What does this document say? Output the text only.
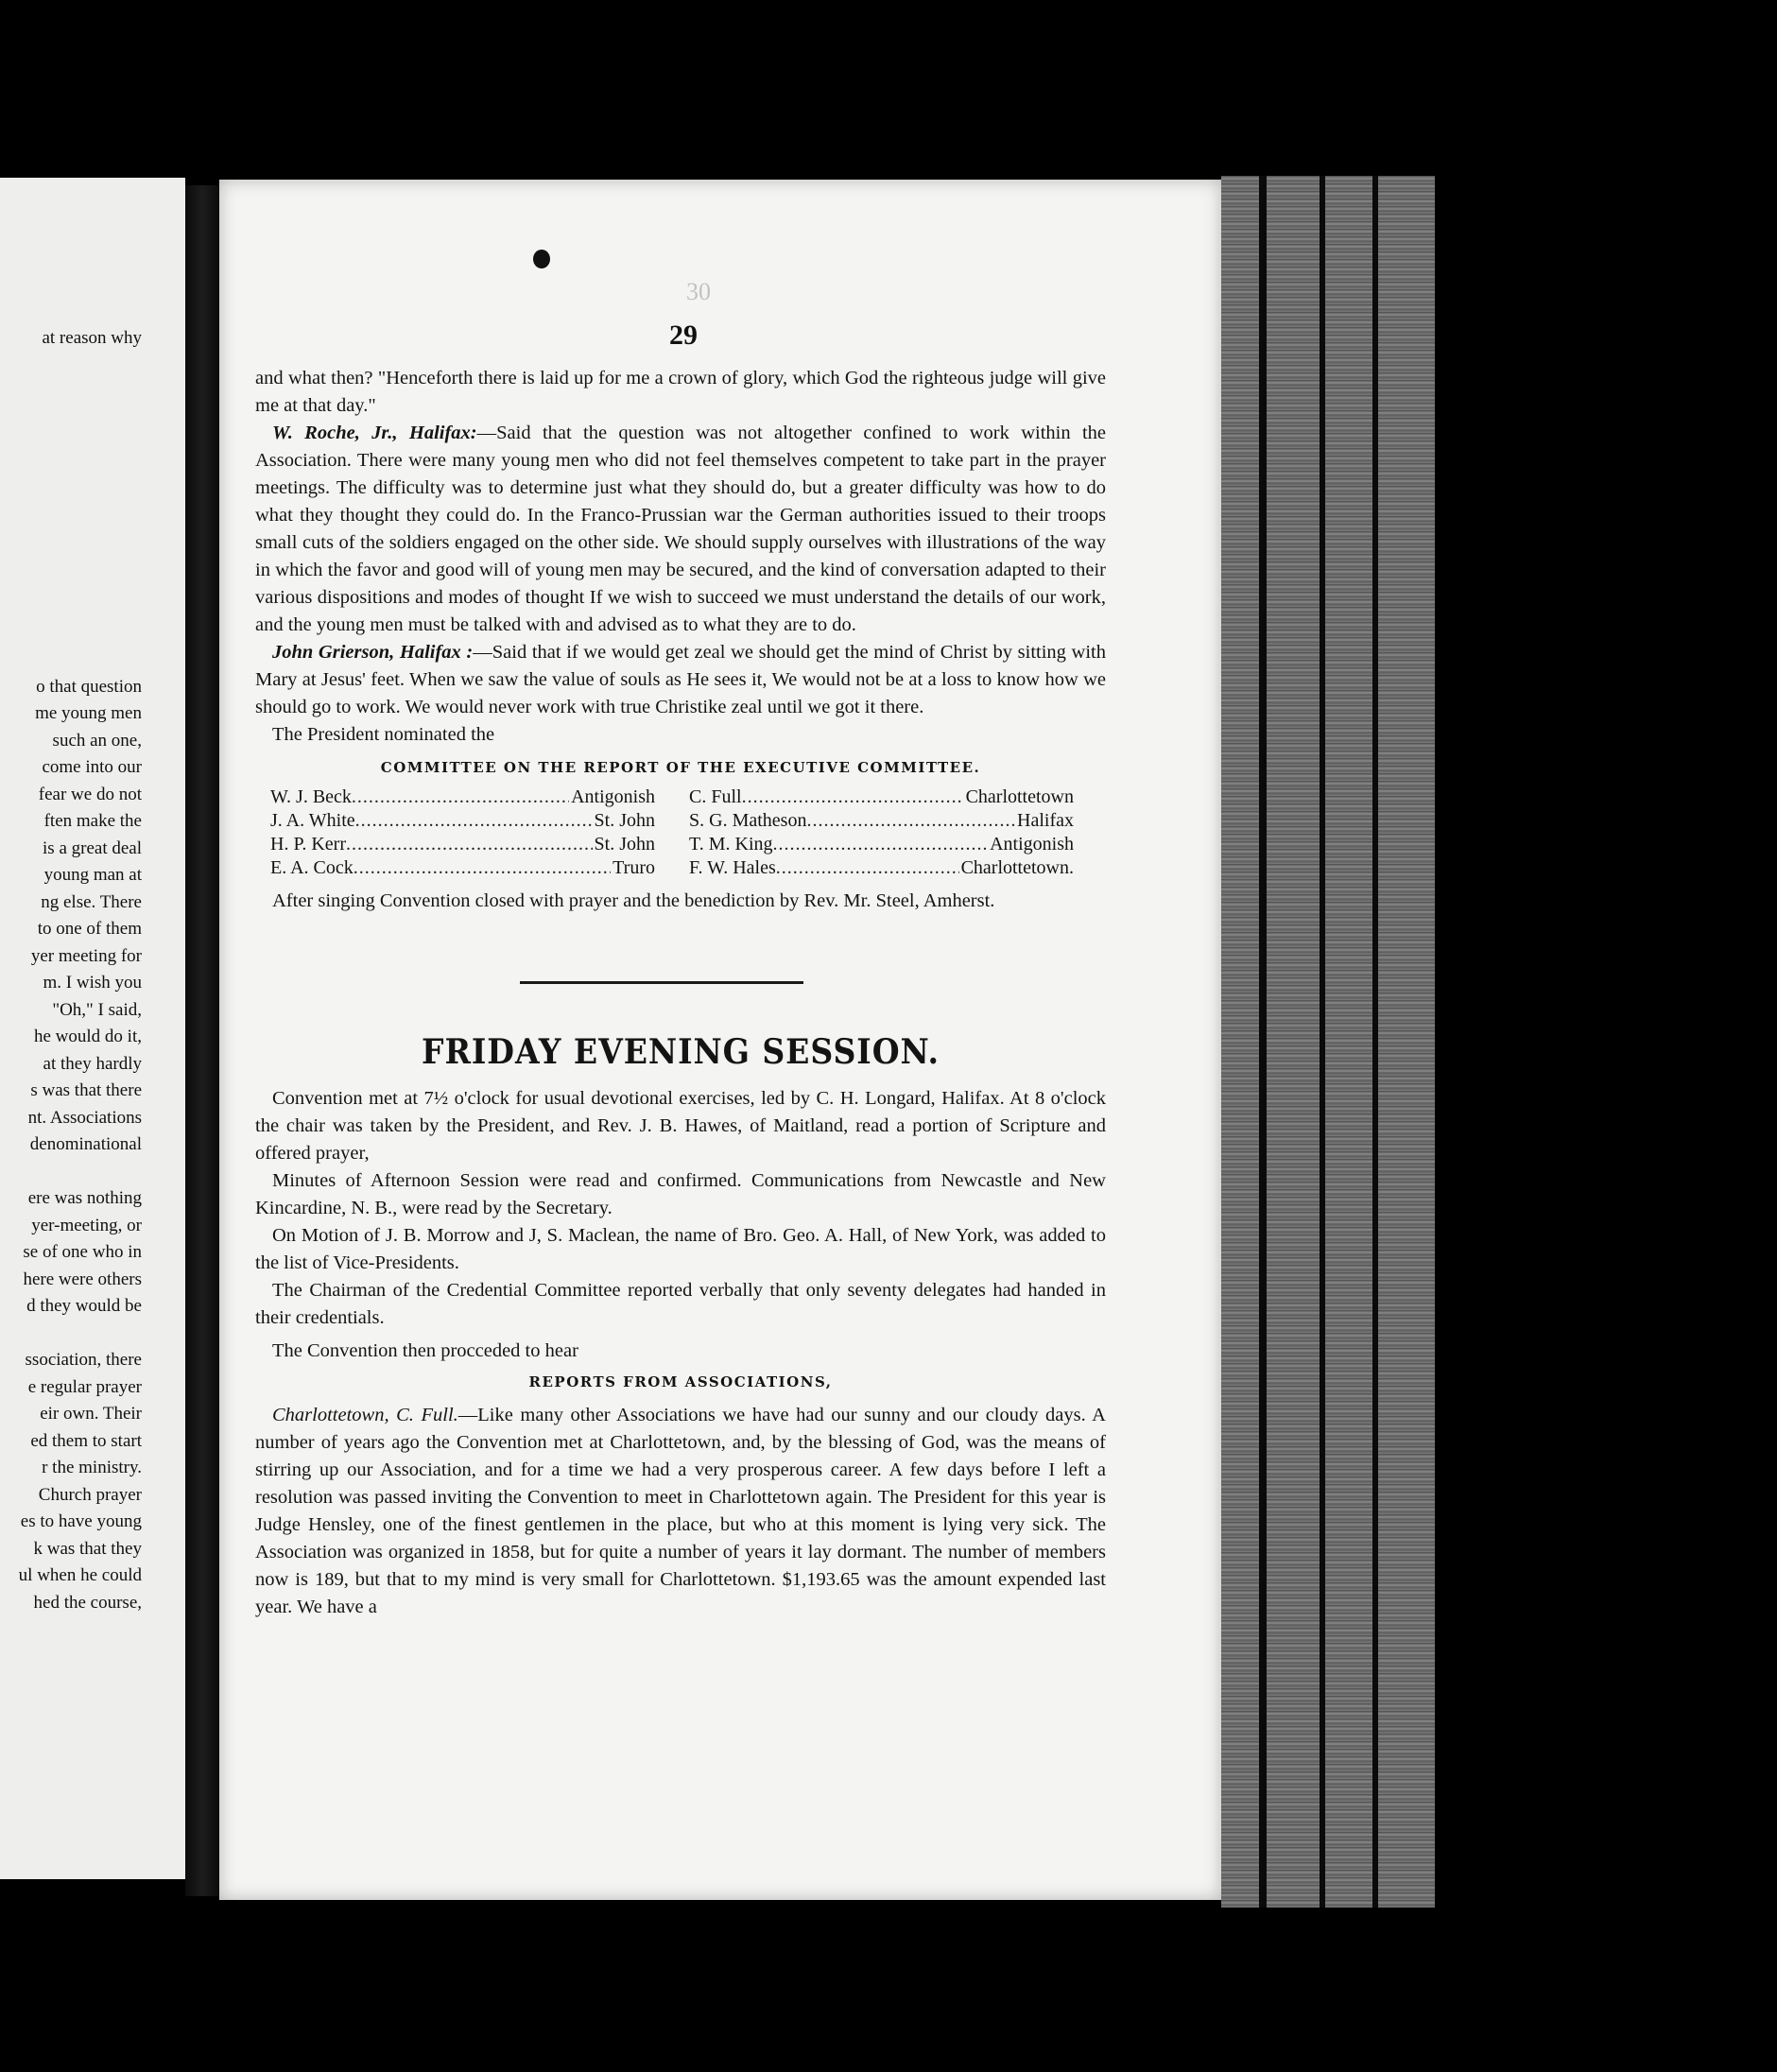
at reason why
o that question
me young men
such an one,
come into our
fear we do not
ften make the
is a great deal
young man at
ng else. There
to one of them
yer meeting for
m. I wish you
"Oh," I said,
he would do it,
at they hardly
s was that there
nt. Associations
denominational
ere was nothing
yer-meeting, or
se of one who in
here were others
d they would be
ssociation, there
e regular prayer
eir own. Their
ed them to start
r the ministry.
Church prayer
es to have young
k was that they
ul when he could
hed the course,
30
29

and what then? "Henceforth there is laid up for me a crown of glory, which God the righteous judge will give me at that day."

W. Roche, Jr., Halifax:—Said that the question was not altogether confined to work within the Association. There were many young men who did not feel themselves competent to take part in the prayer meetings. The difficulty was to determine just what they should do, but a greater difficulty was how to do what they thought they could do. In the Franco-Prussian war the German authorities issued to their troops small cuts of the soldiers engaged on the other side. We should supply ourselves with illustrations of the way in which the favor and good will of young men may be secured, and the kind of conversation adapted to their various dispositions and modes of thought If we wish to succeed we must understand the details of our work, and the young men must be talked with and advised as to what they are to do.

John Grierson, Halifax :—Said that if we would get zeal we should get the mind of Christ by sitting with Mary at Jesus' feet. When we saw the value of souls as He sees it, We would not be at a loss to know how we should go to work. We would never work with true Christike zeal until we got it there.

The President nominated the

COMMITTEE ON THE REPORT OF THE EXECUTIVE COMMITTEE.
W. J. Beck .....	Antigonish C. Full .....	Charlottetown
J. A. White .....	St. John S. G. Matheson .....	Halifax
H. P. Kerr .....	St. John T. M. King .....	Antigonish
E. A. Cock .....	Truro F. W. Hales .....	Charlottetown.

After singing Convention closed with prayer and the benediction by Rev. Mr. Steel, Amherst.

FRIDAY EVENING SESSION.

Convention met at 7½ o'clock for usual devotional exercises, led by C. H. Longard, Halifax. At 8 o'clock the chair was taken by the President, and Rev. J. B. Hawes, of Maitland, read a portion of Scripture and offered prayer,

Minutes of Afternoon Session were read and confirmed. Communications from Newcastle and New Kincardine, N. B., were read by the Secretary.

On Motion of J. B. Morrow and J, S. Maclean, the name of Bro. Geo. A. Hall, of New York, was added to the list of Vice-Presidents.

The Chairman of the Credential Committee reported verbally that only seventy delegates had handed in their credentials.

The Convention then procceded to hear

REPORTS FROM ASSOCIATIONS,

Charlottetown, C. Full.—Like many other Associations we have had our sunny and our cloudy days. A number of years ago the Convention met at Charlottetown, and, by the blessing of God, was the means of stirring up our Association, and for a time we had a very prosperous career. A few days before I left a resolution was passed inviting the Convention to meet in Charlottetown again. The President for this year is Judge Hensley, one of the finest gentlemen in the place, but who at this moment is lying very sick. The Association was organized in 1858, but for quite a number of years it lay dormant. The number of members now is 189, but that to my mind is very small for Charlottetown. $1,193.65 was the amount expended last year. We have a
